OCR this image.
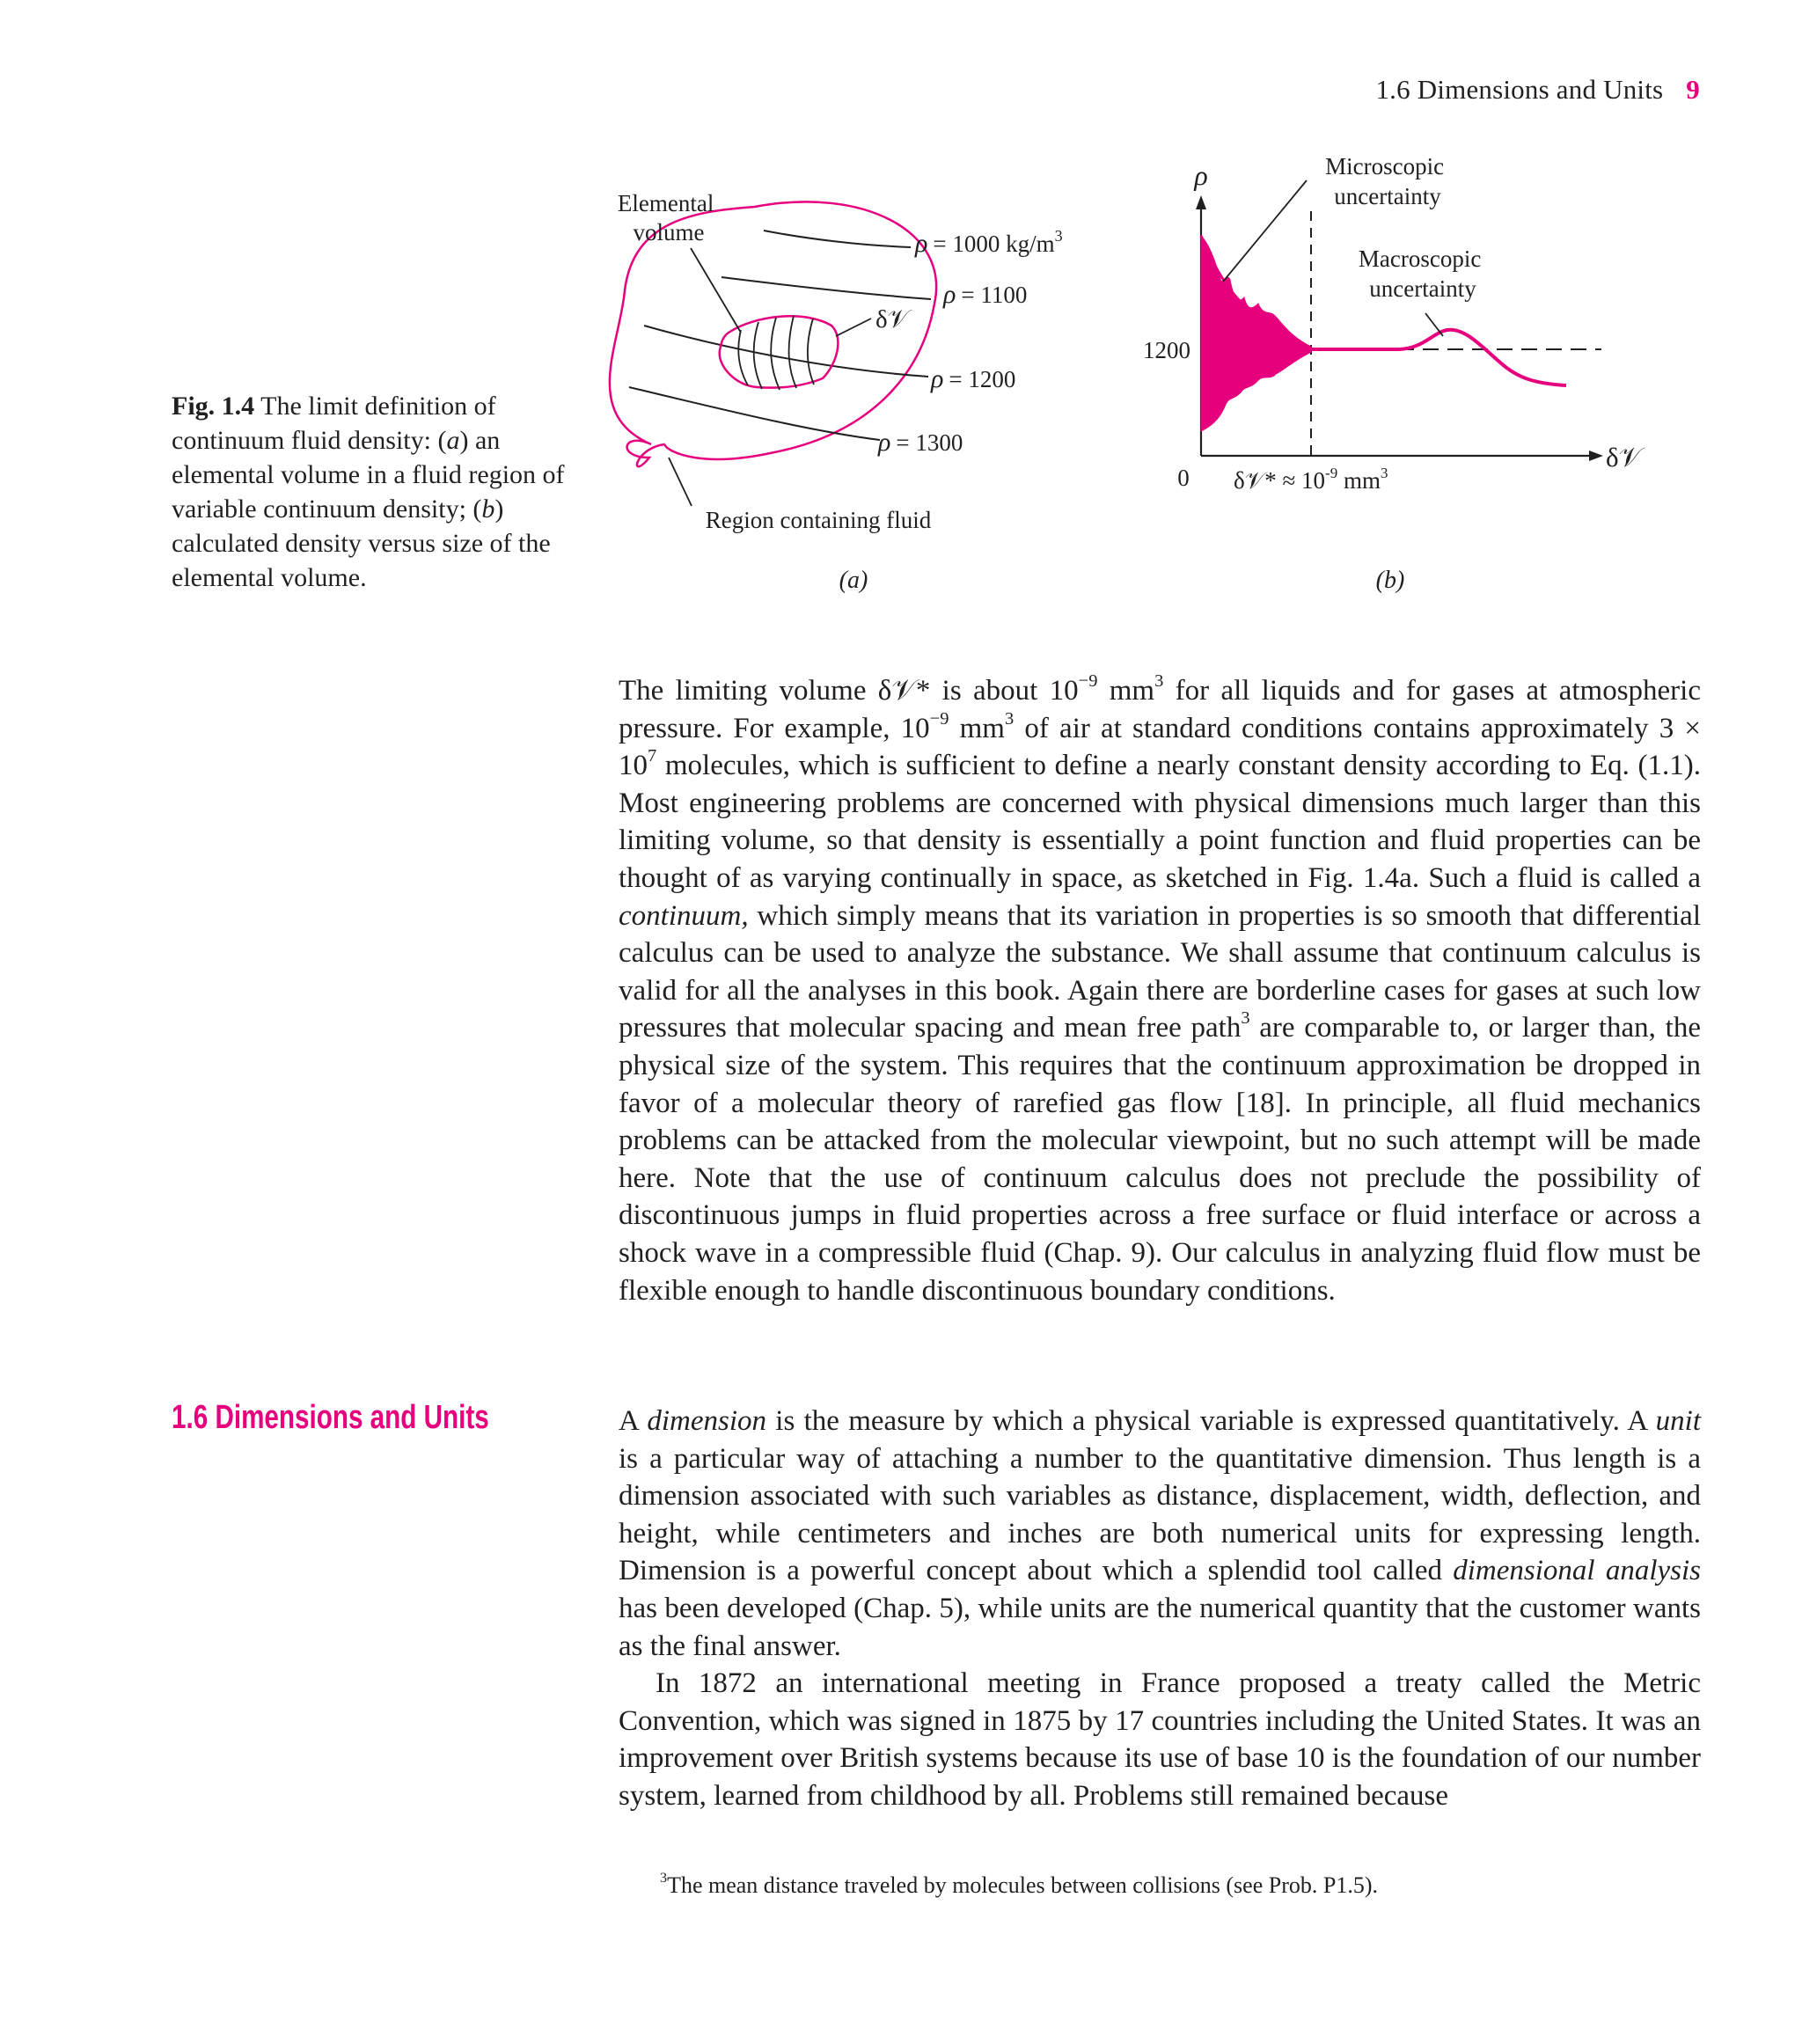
1.6 Dimensions and Units 9
Fig. 1.4 The limit definition of continuum fluid density: (a) an elemental volume in a fluid region of variable continuum density; (b) calculated density versus size of the elemental volume.
Elemental volume
δ𝒱
ρ = 1000 $kg/m^3$
ρ = 1100
ρ = 1200
ρ = 1300
Region containing fluid
(a)
ρ
δ𝒱
1200
0
Microscopic uncertainty
Macroscopic uncertainty
δ𝒱* ≈ $10^{-9}$ $mm^3$
(b)

The limiting volume δ𝒱* is about $10^{-9}$ $mm^3$ for all liquids and for gases at atmospheric pressure. For example, $10^{-9}$ $mm^3$ of air at standard conditions contains approximately $3 \times 10^7$ molecules, which is sufficient to define a nearly constant density according to Eq. (1.1). Most engineering problems are concerned with physical dimensions much larger than this limiting volume, so that density is essentially a point function and fluid properties can be thought of as varying continually in space, as sketched in Fig. 1.4a. Such a fluid is called a continuum, which simply means that its variation in properties is so smooth that differential calculus can be used to analyze the substance. We shall assume that continuum calculus is valid for all the analyses in this book. Again there are borderline cases for gases at such low pressures that molecular spacing and mean free path$^3$ are comparable to, or larger than, the physical size of the system. This requires that the continuum approximation be dropped in favor of a molecular theory of rarefied gas flow [18]. In principle, all fluid mechanics problems can be attacked from the molecular viewpoint, but no such attempt will be made here. Note that the use of continuum calculus does not preclude the possibility of discontinuous jumps in fluid properties across a free surface or fluid interface or across a shock wave in a compressible fluid (Chap. 9). Our calculus in analyzing fluid flow must be flexible enough to handle discontinuous boundary conditions.

1.6 Dimensions and Units	A dimension is the measure by which a physical variable is expressed quantitatively. A unit is a particular way of attaching a number to the quantitative dimension. Thus length is a dimension associated with such variables as distance, displacement, width, deflection, and height, while centimeters and inches are both numerical units for expressing length. Dimension is a powerful concept about which a splendid tool called dimensional analysis has been developed (Chap. 5), while units are the numerical quantity that the customer wants as the final answer.

In 1872 an international meeting in France proposed a treaty called the Metric Convention, which was signed in 1875 by 17 countries including the United States. It was an improvement over British systems because its use of base 10 is the foundation of our number system, learned from childhood by all. Problems still remained because

$^3$The mean distance traveled by molecules between collisions (see Prob. P1.5).
